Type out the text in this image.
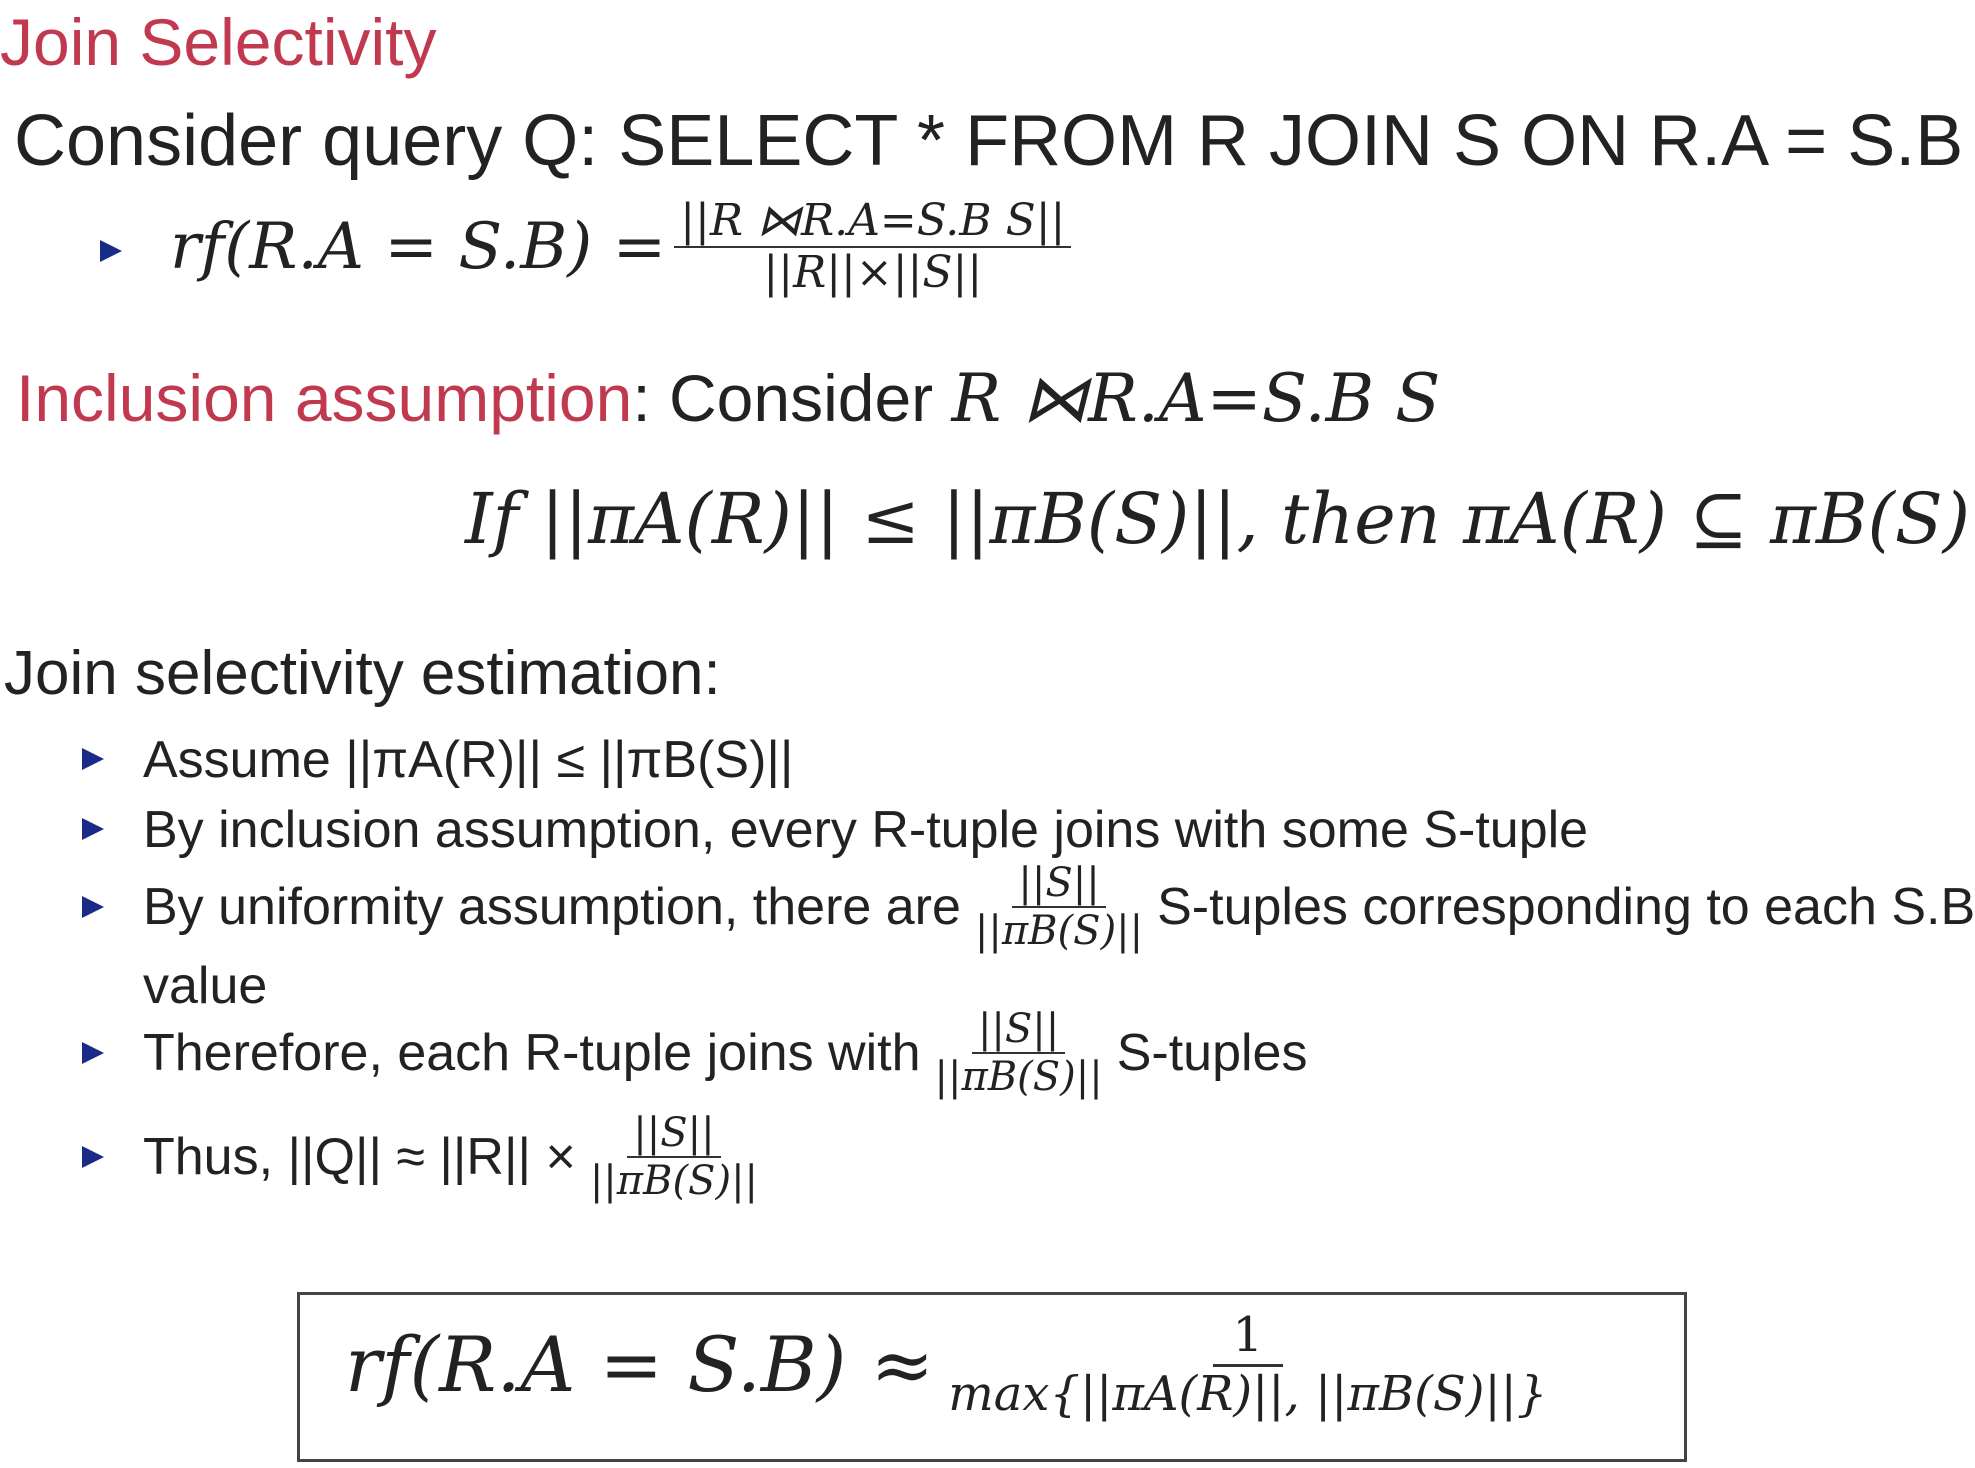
Join Selectivity
Consider query Q: SELECT * FROM R JOIN S ON R.A = S.B
$rf(R.A = S.B) = \frac{\text{||R ⋈R.A=S.B S||}}{||R||\times||S||}$
Inclusion assumption: Consider R ⋈R.A=S.B S
If ||πA(R)|| ≤ ||πB(S)||, then πA(R) ⊆ πB(S)
Join selectivity estimation:
Assume ||πA(R)|| ≤ ||πB(S)||
By inclusion assumption, every R-tuple joins with some S-tuple
By uniformity assumption, there are $\frac{||S||}{||\pi B(S)||}$ S-tuples corresponding to each S.B
value
Therefore, each R-tuple joins with $\frac{||S||}{||\pi B(S)||}$ S-tuples
Thus, $||Q|| \approx ||R|| \times \frac{||S||}{||\pi B(S)||}$
$rf(R.A = S.B) \approx \frac{1}{\max\{||\pi A(R)||, ||\pi B(S)||\}}$
